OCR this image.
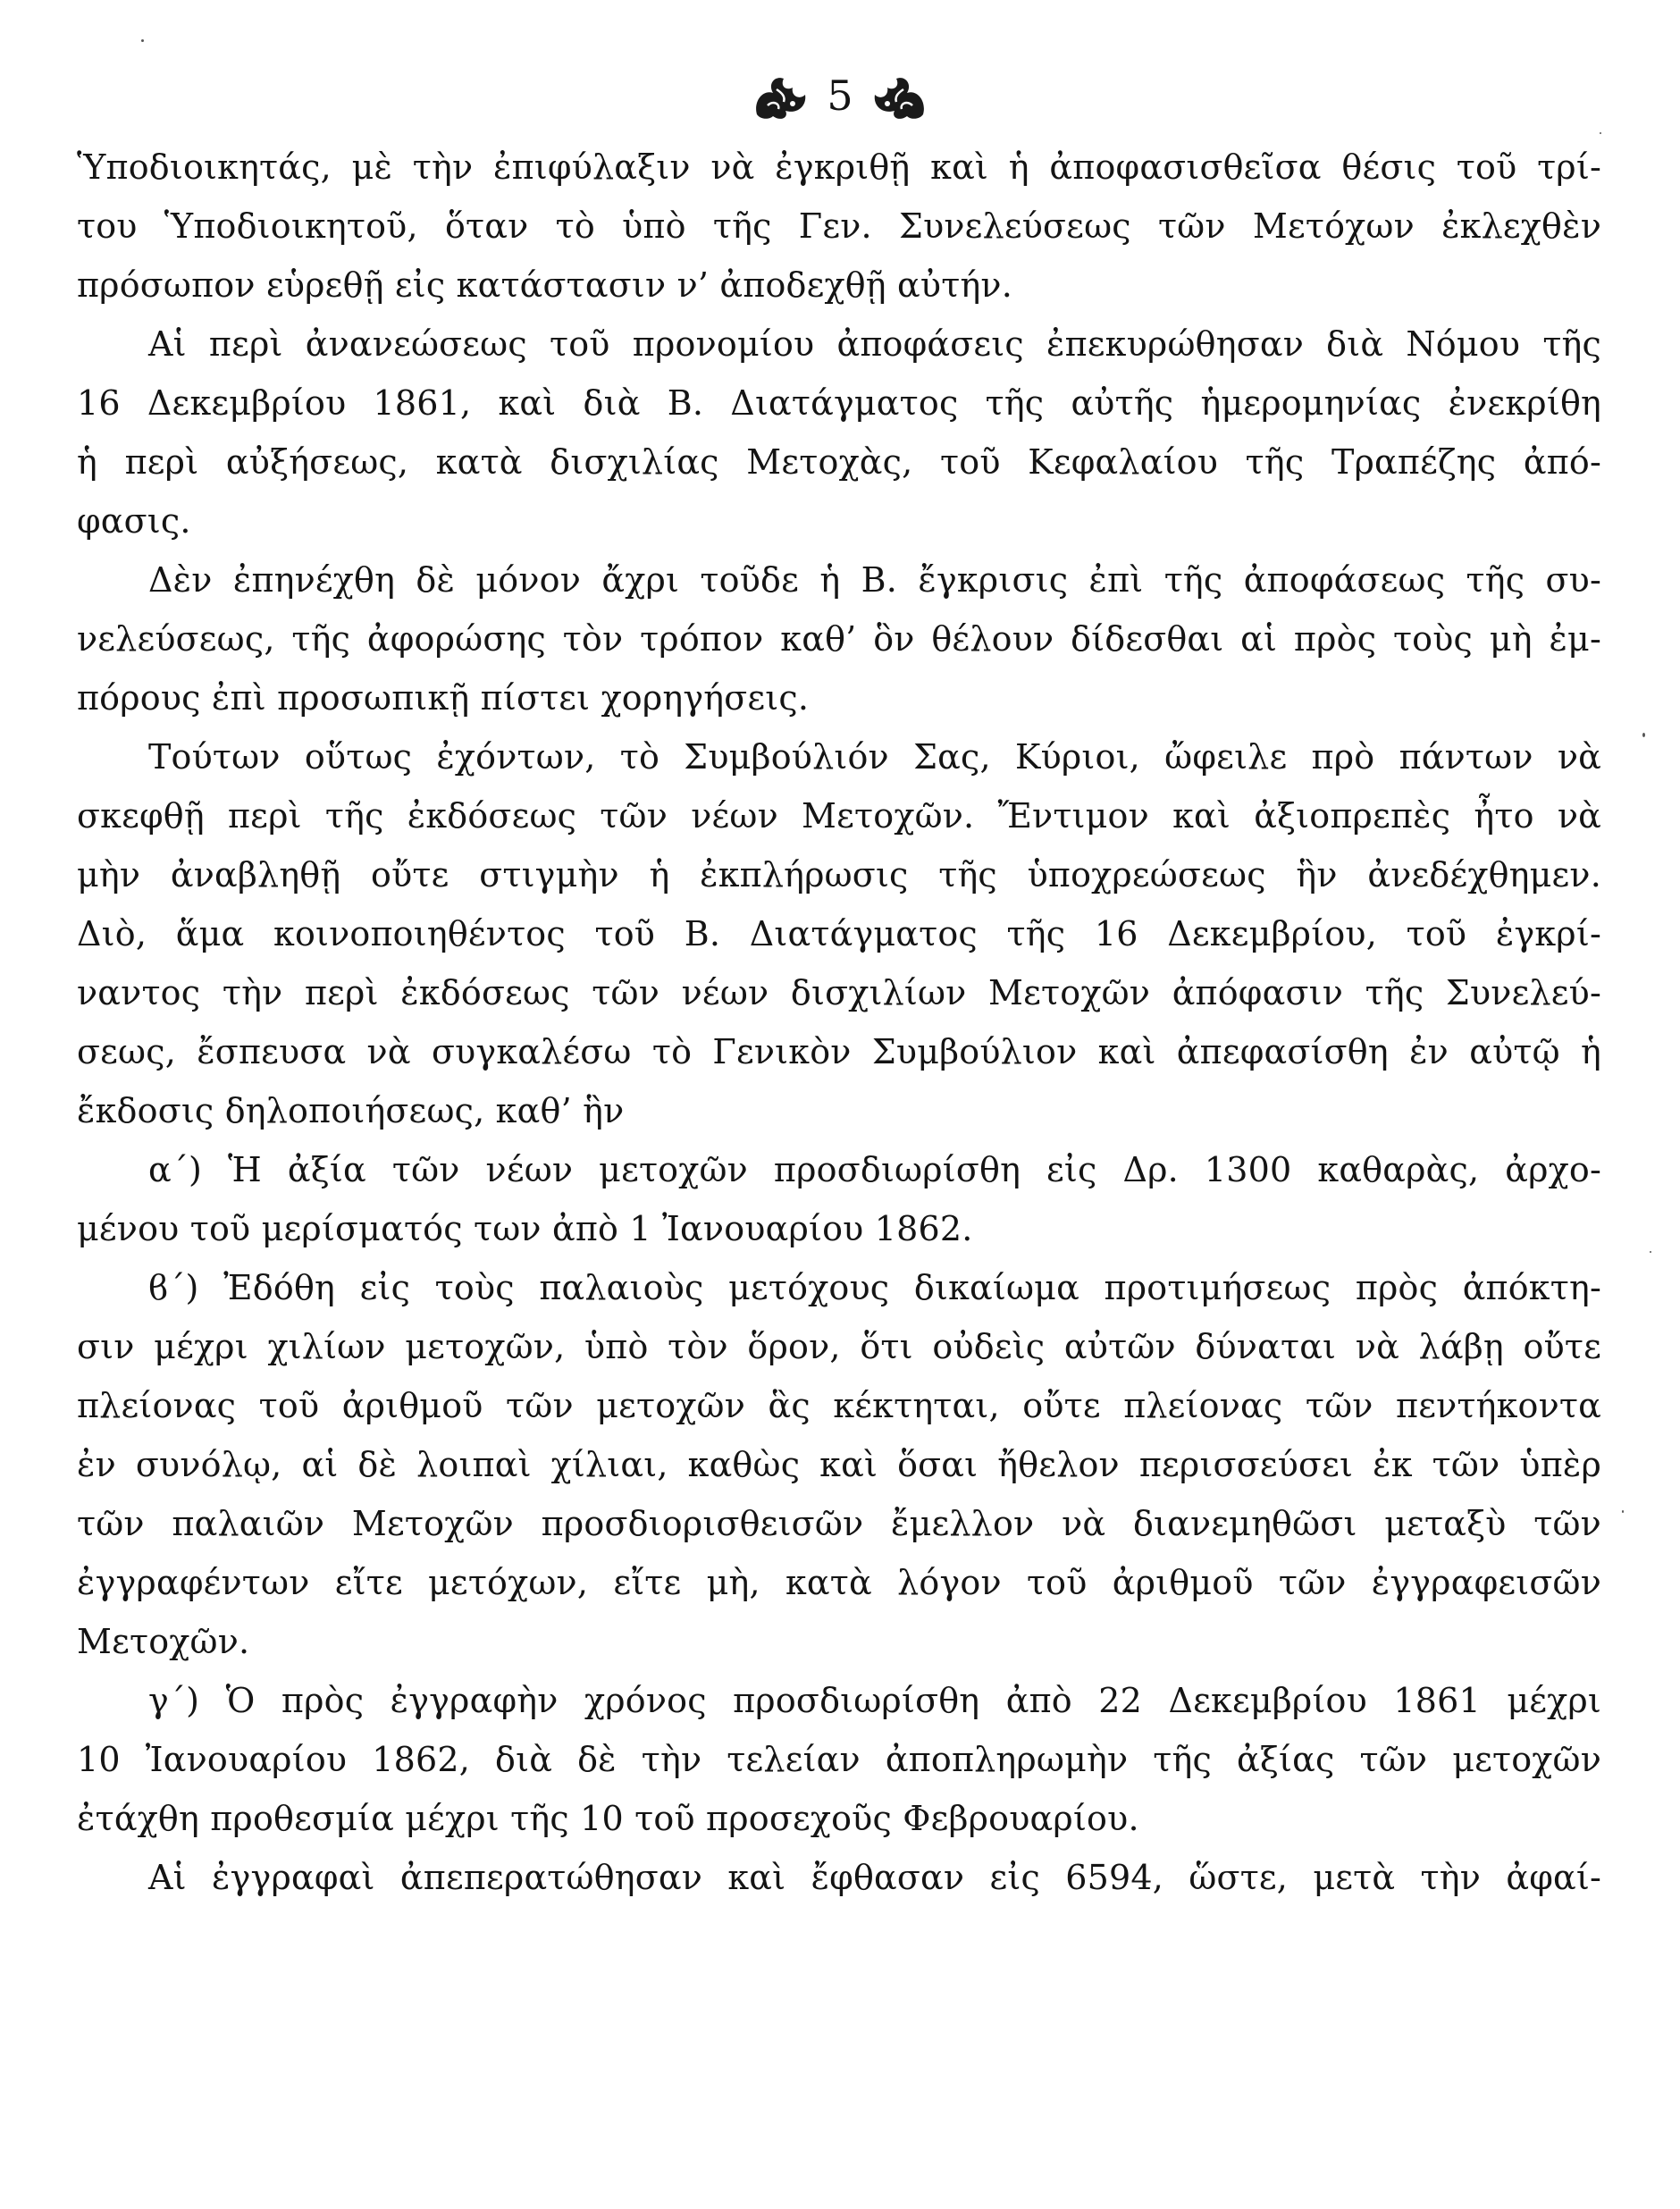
5
Ὑποδιοικητάς, μὲ τὴν ἐπιφύλαξιν νὰ ἐγκριθῇ καὶ ἡ ἀποφασισθεῖσα θέσις τοῦ τρί-
του Ὑποδιοικητοῦ, ὅταν τὸ ὑπὸ τῆς Γεν. Συνελεύσεως τῶν Μετόχων ἐκλεχθὲν
πρόσωπον εὑρεθῇ εἰς κατάστασιν ν’ ἀποδεχθῇ αὐτήν.
Αἱ περὶ ἀνανεώσεως τοῦ προνομίου ἀποφάσεις ἐπεκυρώθησαν διὰ Νόμου τῆς
16 Δεκεμβρίου 1861, καὶ διὰ Β. Διατάγματος τῆς αὐτῆς ἡμερομηνίας ἐνεκρίθη
ἡ περὶ αὐξήσεως, κατὰ δισχιλίας Μετοχὰς, τοῦ Κεφαλαίου τῆς Τραπέζης ἀπό-
φασις.
Δὲν ἐπηνέχθη δὲ μόνον ἄχρι τοῦδε ἡ Β. ἔγκρισις ἐπὶ τῆς ἀποφάσεως τῆς συ-
νελεύσεως, τῆς ἀφορώσης τὸν τρόπον καθ’ ὃν θέλουν δίδεσθαι αἱ πρὸς τοὺς μὴ ἐμ-
πόρους ἐπὶ προσωπικῇ πίστει χορηγήσεις.
Τούτων οὕτως ἐχόντων, τὸ Συμβούλιόν Σας, Κύριοι, ὤφειλε πρὸ πάντων νὰ
σκεφθῇ περὶ τῆς ἐκδόσεως τῶν νέων Μετοχῶν. Ἔντιμον καὶ ἀξιοπρεπὲς ἦτο νὰ
μὴν ἀναβληθῇ οὔτε στιγμὴν ἡ ἐκπλήρωσις τῆς ὑποχρεώσεως ἣν ἀνεδέχθημεν.
Διὸ, ἅμα κοινοποιηθέντος τοῦ Β. Διατάγματος τῆς 16 Δεκεμβρίου, τοῦ ἐγκρί-
ναντος τὴν περὶ ἐκδόσεως τῶν νέων δισχιλίων Μετοχῶν ἀπόφασιν τῆς Συνελεύ-
σεως, ἔσπευσα νὰ συγκαλέσω τὸ Γενικὸν Συμβούλιον καὶ ἀπεφασίσθη ἐν αὐτῷ ἡ
ἔκδοσις δηλοποιήσεως, καθ’ ἣν
α΄) Ἡ ἀξία τῶν νέων μετοχῶν προσδιωρίσθη εἰς Δρ. 1300 καθαρὰς, ἀρχο-
μένου τοῦ μερίσματός των ἀπὸ 1 Ἰανουαρίου 1862.
ϐ΄) Ἐδόθη εἰς τοὺς παλαιοὺς μετόχους δικαίωμα προτιμήσεως πρὸς ἀπόκτη-
σιν μέχρι χιλίων μετοχῶν, ὑπὸ τὸν ὅρον, ὅτι οὐδεὶς αὐτῶν δύναται νὰ λάβῃ οὔτε
πλείονας τοῦ ἀριθμοῦ τῶν μετοχῶν ἃς κέκτηται, οὔτε πλείονας τῶν πεντήκοντα
ἐν συνόλῳ, αἱ δὲ λοιπαὶ χίλιαι, καθὼς καὶ ὅσαι ἤθελον περισσεύσει ἐκ τῶν ὑπὲρ
τῶν παλαιῶν Μετοχῶν προσδιορισθεισῶν ἔμελλον νὰ διανεμηθῶσι μεταξὺ τῶν
ἐγγραφέντων εἴτε μετόχων, εἴτε μὴ, κατὰ λόγον τοῦ ἀριθμοῦ τῶν ἐγγραφεισῶν
Μετοχῶν.
γ΄) Ὁ πρὸς ἐγγραφὴν χρόνος προσδιωρίσθη ἀπὸ 22 Δεκεμβρίου 1861 μέχρι
10 Ἰανουαρίου 1862, διὰ δὲ τὴν τελείαν ἀποπληρωμὴν τῆς ἀξίας τῶν μετοχῶν
ἐτάχθη προθεσμία μέχρι τῆς 10 τοῦ προσεχοῦς Φεβρουαρίου.
Αἱ ἐγγραφαὶ ἀπεπερατώθησαν καὶ ἔφθασαν εἰς 6594, ὥστε, μετὰ τὴν ἀφαί-
